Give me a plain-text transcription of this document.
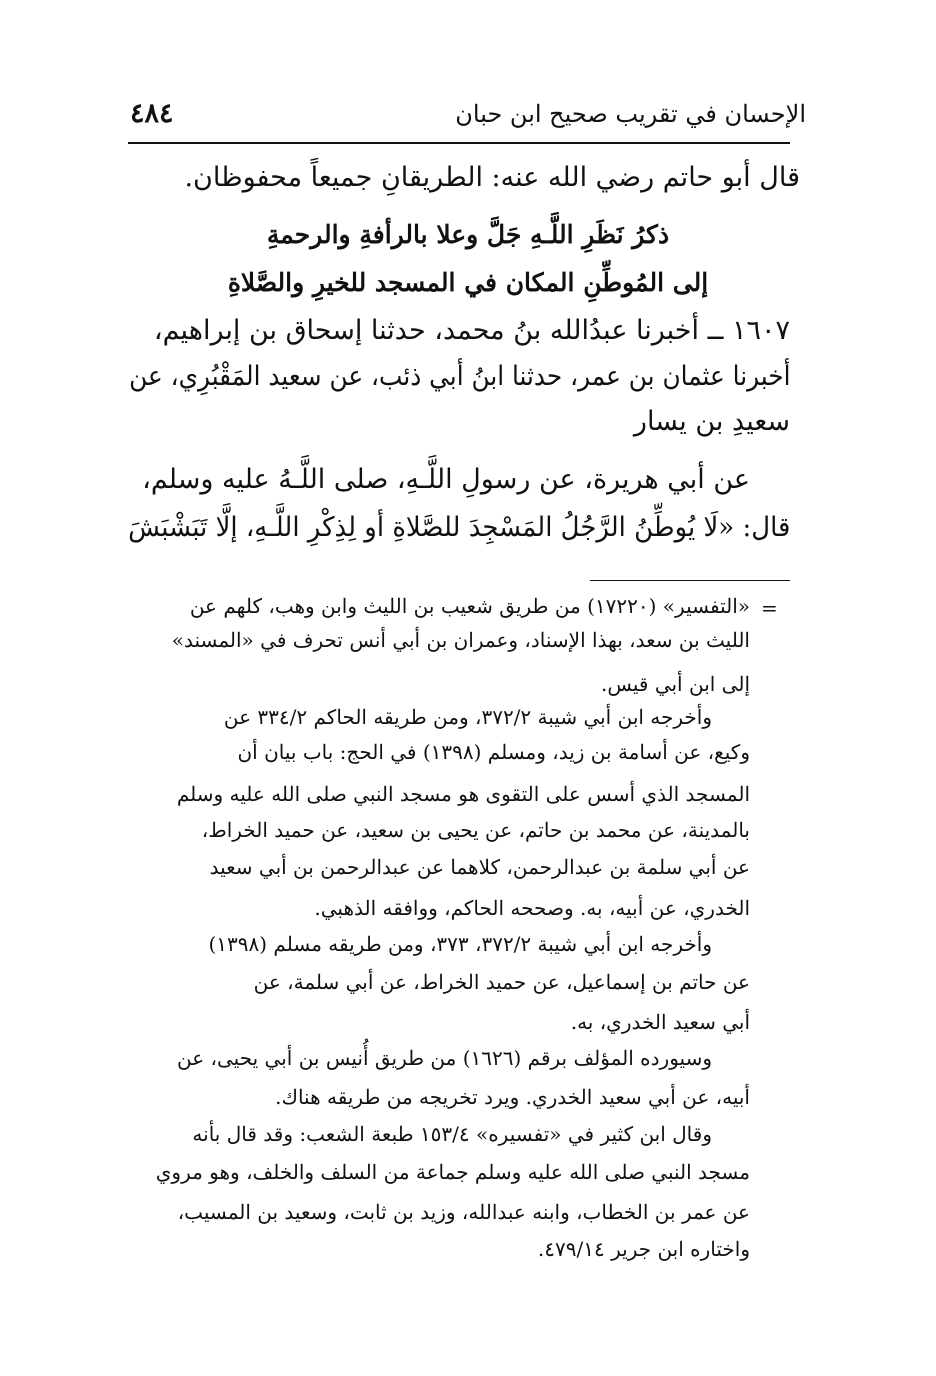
الإحسان في تقريب صحيح ابن حبان
٤٨٤
قال أبو حاتم رضي الله عنه: الطريقانِ جميعاً محفوظان.
ذكرُ نَظَرِ اللَّـهِ جَلَّ وعلا بالرأفةِ والرحمةِ
إلى المُوطِّنِ المكان في المسجد للخيرِ والصَّلاةِ
١٦٠٧ ــ أخبرنا عبدُالله بنُ محمد، حدثنا إسحاق بن إبراهيم،
أخبرنا عثمان بن عمر، حدثنا ابنُ أبي ذئب، عن سعيد المَقْبُرِي، عن
سعيدِ بن يسار
عن أبي هريرة، عن رسولِ اللَّـهِ، صلى اللَّـهُ عليه وسلم،
قال: «لَا يُوطِّنُ الرَّجُلُ المَسْجِدَ للصَّلاةِ أو لِذِكْرِ اللَّـهِ، إلَّا تَبَشْبَشَ
=
«التفسير» (١٧٢٢٠) من طريق شعيب بن الليث وابن وهب، كلهم عن
الليث بن سعد، بهذا الإسناد، وعمران بن أبي أنس تحرف في «المسند»
إلى ابن أبي قيس.
وأخرجه ابن أبي شيبة ٣٧٢/٢، ومن طريقه الحاكم ٣٣٤/٢ عن
وكيع، عن أسامة بن زيد، ومسلم (١٣٩٨) في الحج: باب بيان أن
المسجد الذي أسس على التقوى هو مسجد النبي صلى الله عليه وسلم
بالمدينة، عن محمد بن حاتم، عن يحيى بن سعيد، عن حميد الخراط،
عن أبي سلمة بن عبدالرحمن، كلاهما عن عبدالرحمن بن أبي سعيد
الخدري، عن أبيه، به. وصححه الحاكم، ووافقه الذهبي.
وأخرجه ابن أبي شيبة ٣٧٢/٢، ٣٧٣، ومن طريقه مسلم (١٣٩٨)
عن حاتم بن إسماعيل، عن حميد الخراط، عن أبي سلمة، عن
أبي سعيد الخدري، به.
وسيورده المؤلف برقم (١٦٢٦) من طريق أُنيس بن أبي يحيى، عن
أبيه، عن أبي سعيد الخدري. ويرد تخريجه من طريقه هناك.
وقال ابن كثير في «تفسيره» ١٥٣/٤ طبعة الشعب: وقد قال بأنه
مسجد النبي صلى الله عليه وسلم جماعة من السلف والخلف، وهو مروي
عن عمر بن الخطاب، وابنه عبدالله، وزيد بن ثابت، وسعيد بن المسيب،
واختاره ابن جرير ٤٧٩/١٤.
